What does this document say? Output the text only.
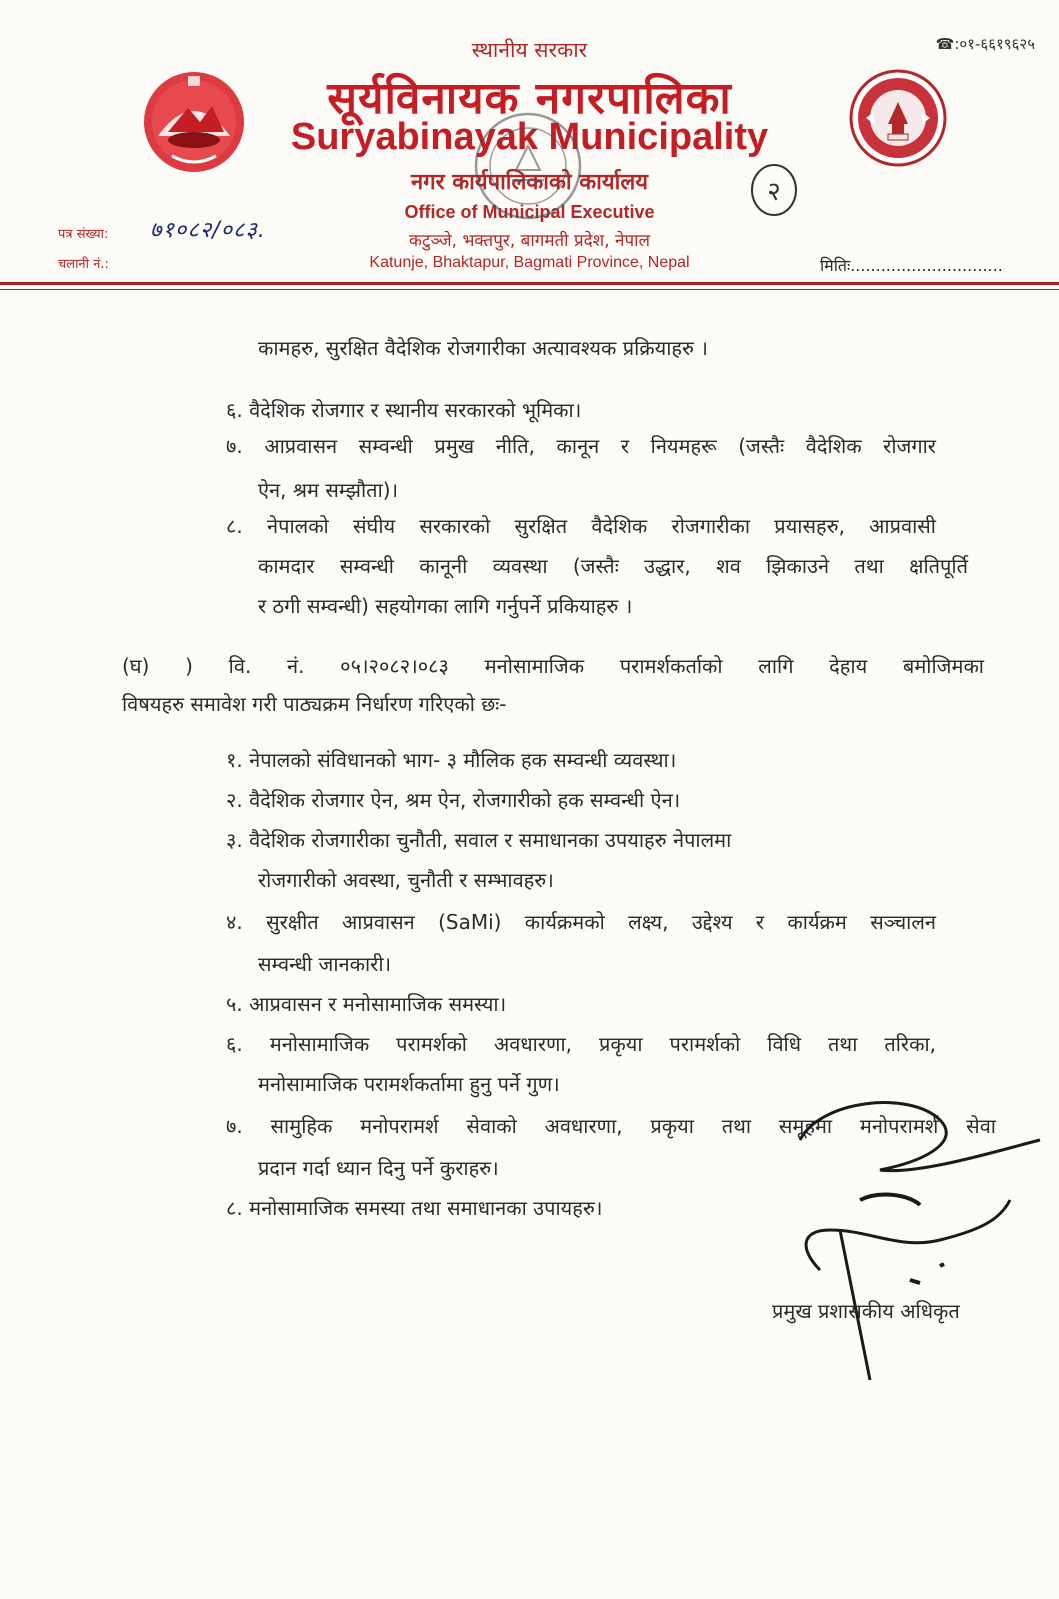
☎:०१-६६१९६२५
स्थानीय सरकार
सूर्यविनायक नगरपालिका
Suryabinayak Municipality
नगर कार्यपालिकाको कार्यालय
Office of Municipal Executive
कटुञ्जे, भक्तपुर, बागमती प्रदेश, नेपाल
Katunje, Bhaktapur, Bagmati Province, Nepal
२
पत्र संख्या: ७१०८२/०८३.
चलानी नं.:	मितिः..............................
कामहरु, सुरक्षित वैदेशिक रोजगारीका अत्यावश्यक प्रक्रियाहरु ।
६. वैदेशिक रोजगार र स्थानीय सरकारको भूमिका।
७. आप्रवासन सम्वन्धी प्रमुख नीति, कानून र नियमहरू (जस्तैः वैदेशिक रोजगार
ऐन, श्रम सम्झौता)।
८. नेपालको संघीय सरकारको सुरक्षित वैदेशिक रोजगारीका प्रयासहरु, आप्रवासी
कामदार सम्वन्धी कानूनी व्यवस्था (जस्तैः उद्धार, शव झिकाउने तथा क्षतिपूर्ति
र ठगी सम्वन्धी) सहयोगका लागि गर्नुपर्ने प्रकियाहरु ।
(घ) ) वि. नं. ०५।२०८२।०८३ मनोसामाजिक परामर्शकर्ताको लागि देहाय बमोजिमका
विषयहरु समावेश गरी पाठ्यक्रम निर्धारण गरिएको छः-
१. नेपालको संविधानको भाग- ३ मौलिक हक सम्वन्धी व्यवस्था।
२. वैदेशिक रोजगार ऐन, श्रम ऐन, रोजगारीको हक सम्वन्धी ऐन।
३. वैदेशिक रोजगारीका चुनौती, सवाल र समाधानका उपयाहरु नेपालमा
रोजगारीको अवस्था, चुनौती र सम्भावहरु।
४. सुरक्षीत आप्रवासन (SaMi) कार्यक्रमको लक्ष्य, उद्देश्य र कार्यक्रम सञ्चालन
सम्वन्धी जानकारी।
५. आप्रवासन र मनोसामाजिक समस्या।
६. मनोसामाजिक परामर्शको अवधारणा, प्रकृया परामर्शको विधि तथा तरिका,
मनोसामाजिक परामर्शकर्तामा हुनु पर्ने गुण।
७. सामुहिक मनोपरामर्श सेवाको अवधारणा, प्रकृया तथा समूहमा मनोपरामर्श सेवा
प्रदान गर्दा ध्यान दिनु पर्ने कुराहरु।
८. मनोसामाजिक समस्या तथा समाधानका उपायहरु।
प्रमुख प्रशासकीय अधिकृत
